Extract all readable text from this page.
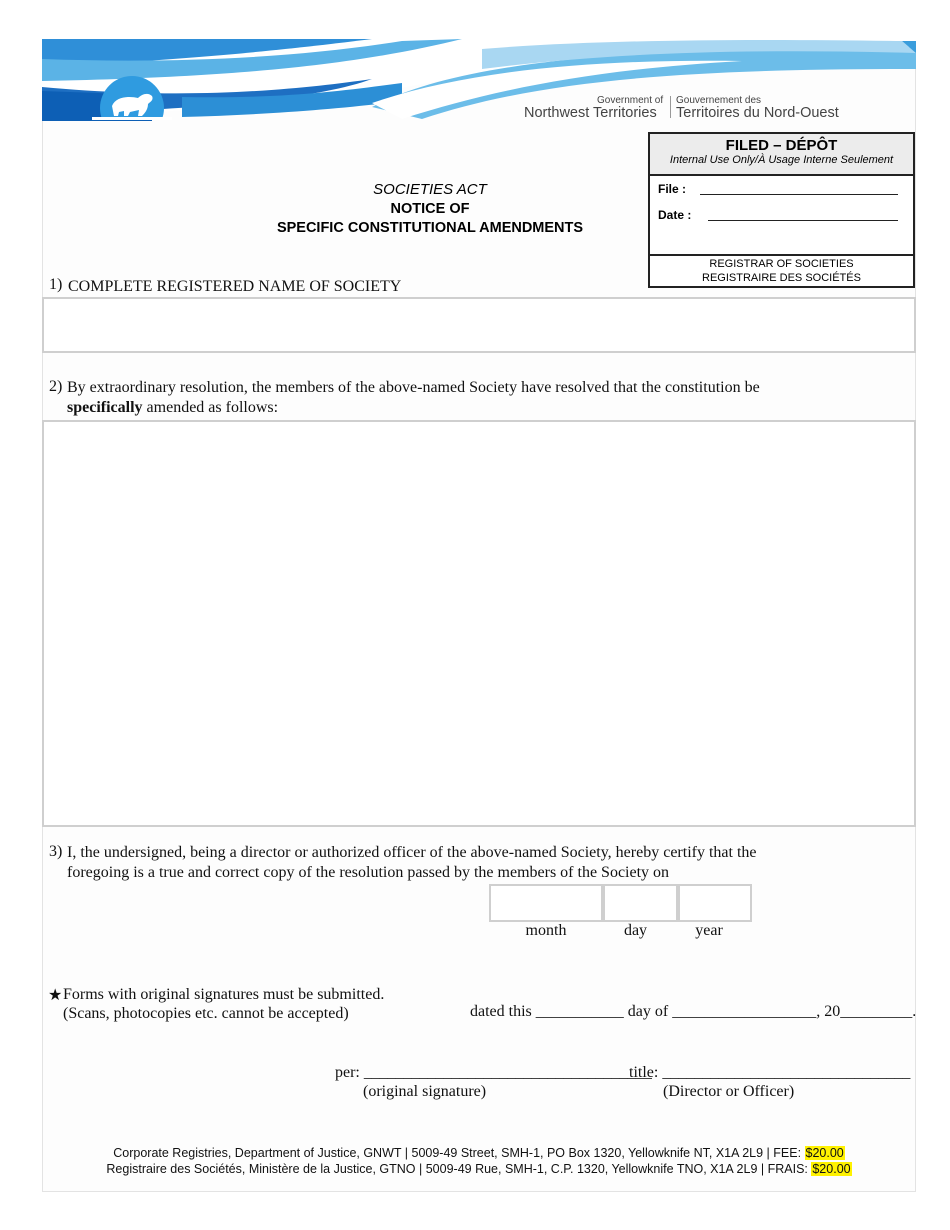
Government of
Northwest Territories
Gouvernement des
Territoires du Nord-Ouest
FILED – DÉPÔT
Internal Use Only/À Usage Interne Seulement
File :
Date :
REGISTRAR OF SOCIETIES
REGISTRAIRE DES SOCIÉTÉS
SOCIETIES ACT
NOTICE OF
SPECIFIC CONSTITUTIONAL AMENDMENTS
1) COMPLETE REGISTERED NAME OF SOCIETY
2) By extraordinary resolution, the members of the above-named Society have resolved that the constitution be
specifically amended as follows:
3) I, the undersigned, being a director or authorized officer of the above-named Society, hereby certify that the
foregoing is a true and correct copy of the resolution passed by the members of the Society on
month	day	year
★ Forms with original signatures must be submitted.
(Scans, photocopies etc. cannot be accepted)	dated this ___________ day of __________________, 20_________.
per: ____________________________________
(original signature)
title: _______________________________
(Director or Officer)
Corporate Registries, Department of Justice, GNWT | 5009-49 Street, SMH-1, PO Box 1320, Yellowknife NT, X1A 2L9 | FEE: $20.00
Registraire des Sociétés, Ministère de la Justice, GTNO | 5009-49 Rue, SMH-1, C.P. 1320, Yellowknife TNO, X1A 2L9 | FRAIS: $20.00
